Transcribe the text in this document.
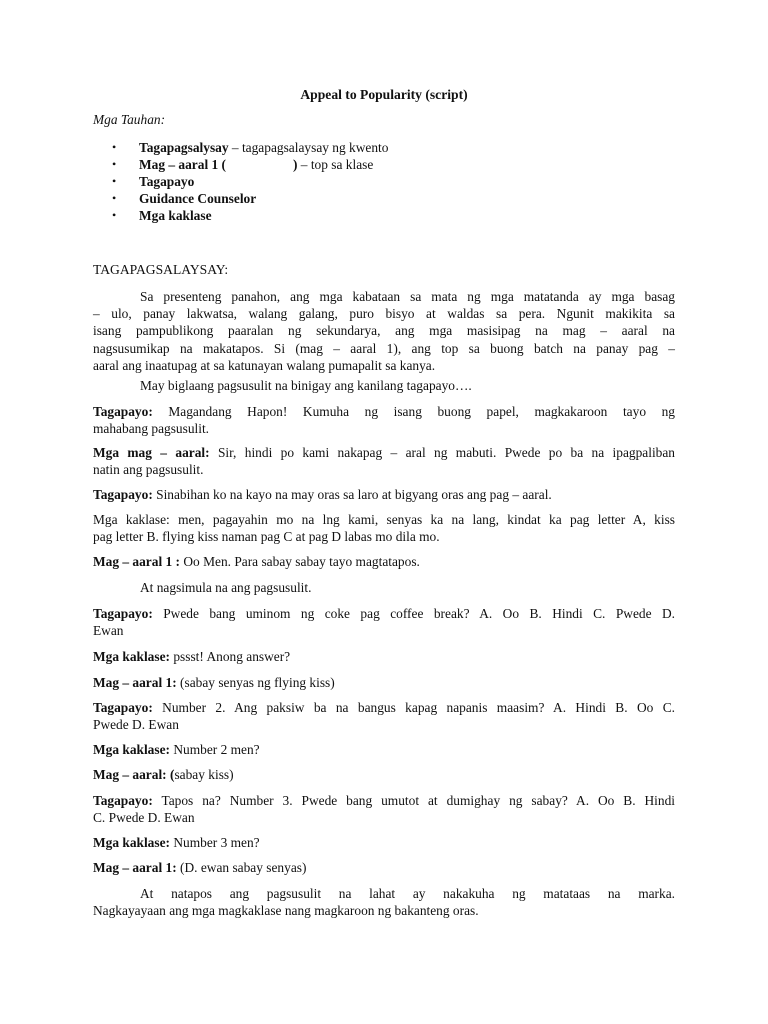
Appeal to Popularity (script)
Mga Tauhan:
• Tagapagsalysay – tagapagsalaysay ng kwento
• Mag – aaral 1 (                    ) – top sa klase
• Tagapayo
• Guidance Counselor
• Mga kaklase
TAGAPAGSALAYSAY:
Sa presenteng panahon, ang mga kabataan sa mata ng mga matatanda ay mga basag
– ulo, panay lakwatsa, walang galang, puro bisyo at waldas sa pera. Ngunit makikita sa
isang pampublikong paaralan ng sekundarya, ang mga masisipag na mag – aaral na
nagsusumikap na makatapos. Si (mag – aaral 1), ang top sa buong batch na panay pag –
aaral ang inaatupag at sa katunayan walang pumapalit sa kanya.
May biglaang pagsusulit na binigay ang kanilang tagapayo….
Tagapayo: Magandang Hapon! Kumuha ng isang buong papel, magkakaroon tayo ng
mahabang pagsusulit.
Mga mag – aaral: Sir, hindi po kami nakapag – aral ng mabuti. Pwede po ba na ipagpaliban
natin ang pagsusulit.
Tagapayo: Sinabihan ko na kayo na may oras sa laro at bigyang oras ang pag – aaral.
Mga kaklase: men, pagayahin mo na lng kami, senyas ka na lang, kindat ka pag letter A, kiss
pag letter B. flying kiss naman pag C at pag D labas mo dila mo.
Mag – aaral 1 : Oo Men. Para sabay sabay tayo magtatapos.
At nagsimula na ang pagsusulit.
Tagapayo: Pwede bang uminom ng coke pag coffee break? A. Oo B. Hindi C. Pwede D.
Ewan
Mga kaklase: pssst! Anong answer?
Mag – aaral 1: (sabay senyas ng flying kiss)
Tagapayo: Number 2. Ang paksiw ba na bangus kapag napanis maasim? A. Hindi B. Oo C.
Pwede D. Ewan
Mga kaklase: Number 2 men?
Mag – aaral: (sabay kiss)
Tagapayo: Tapos na? Number 3. Pwede bang umutot at dumighay ng sabay? A. Oo B. Hindi
C. Pwede D. Ewan
Mga kaklase: Number 3 men?
Mag – aaral 1: (D. ewan sabay senyas)
At natapos ang pagsusulit na lahat ay nakakuha ng matataas na marka.
Nagkayayaan ang mga magkaklase nang magkaroon ng bakanteng oras.
